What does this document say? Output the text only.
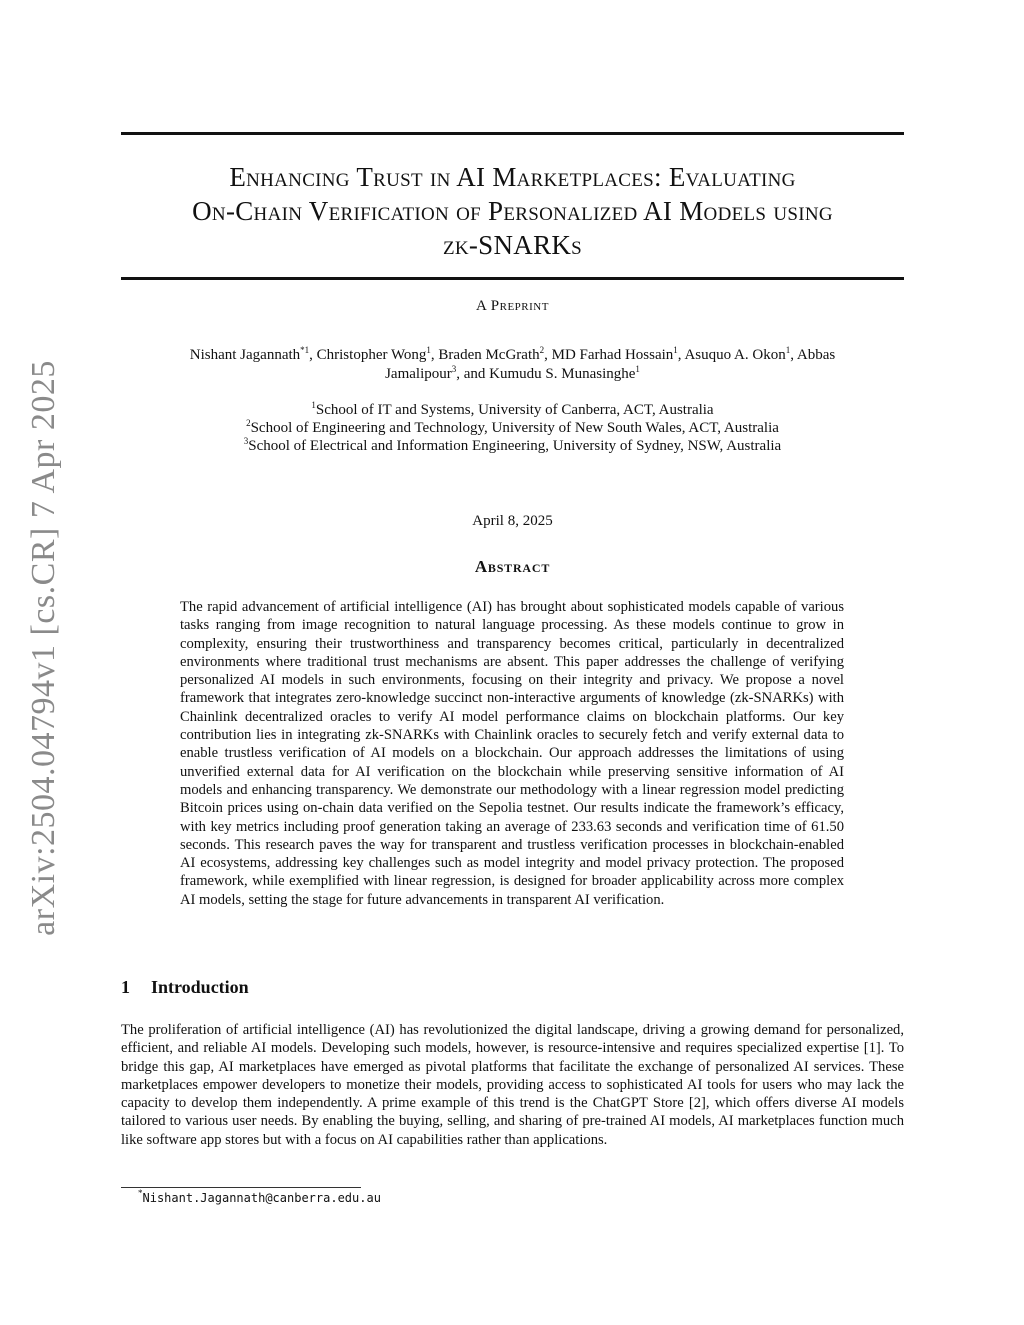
arXiv:2504.04794v1 [cs.CR] 7 Apr 2025
Enhancing Trust in AI Marketplaces: Evaluating
On-Chain Verification of Personalized AI Models using
zk-SNARKs
A Preprint
Nishant Jagannath$^{*1}$, Christopher Wong$^1$, Braden McGrath$^2$, MD Farhad Hossain$^1$, Asuquo A. Okon$^1$, Abbas
Jamalipour$^3$, and Kumudu S. Munasinghe$^1$
$^1$School of IT and Systems, University of Canberra, ACT, Australia
$^2$School of Engineering and Technology, University of New South Wales, ACT, Australia
$^3$School of Electrical and Information Engineering, University of Sydney, NSW, Australia
April 8, 2025
Abstract
The rapid advancement of artificial intelligence (AI) has brought about sophisticated models capable of various tasks ranging from image recognition to natural language processing. As these models continue to grow in complexity, ensuring their trustworthiness and transparency becomes critical, particularly in decentralized environments where traditional trust mechanisms are absent. This paper addresses the challenge of verifying personalized AI models in such environments, focusing on their integrity and privacy. We propose a novel framework that integrates zero-knowledge succinct non-interactive arguments of knowledge (zk-SNARKs) with Chainlink decentralized oracles to verify AI model performance claims on blockchain platforms. Our key contribution lies in integrating zk-SNARKs with Chainlink oracles to securely fetch and verify external data to enable trustless verification of AI models on a blockchain. Our approach addresses the limitations of using unverified external data for AI verification on the blockchain while preserving sensitive information of AI models and enhancing transparency. We demonstrate our methodology with a linear regression model predicting Bitcoin prices using on-chain data verified on the Sepolia testnet. Our results indicate the framework’s efficacy, with key metrics including proof generation taking an average of 233.63 seconds and verification time of 61.50 seconds. This research paves the way for transparent and trustless verification processes in blockchain-enabled AI ecosystems, addressing key challenges such as model integrity and model privacy protection. The proposed framework, while exemplified with linear regression, is designed for broader applicability across more complex AI models, setting the stage for future advancements in transparent AI verification.
1 Introduction
The proliferation of artificial intelligence (AI) has revolutionized the digital landscape, driving a growing demand for personalized, efficient, and reliable AI models. Developing such models, however, is resource-intensive and requires specialized expertise [1]. To bridge this gap, AI marketplaces have emerged as pivotal platforms that facilitate the exchange of personalized AI services. These marketplaces empower developers to monetize their models, providing access to sophisticated AI tools for users who may lack the capacity to develop them independently. A prime example of this trend is the ChatGPT Store [2], which offers diverse AI models tailored to various user needs. By enabling the buying, selling, and sharing of pre-trained AI models, AI marketplaces function much like software app stores but with a focus on AI capabilities rather than applications.
*Nishant.Jagannath@canberra.edu.au
